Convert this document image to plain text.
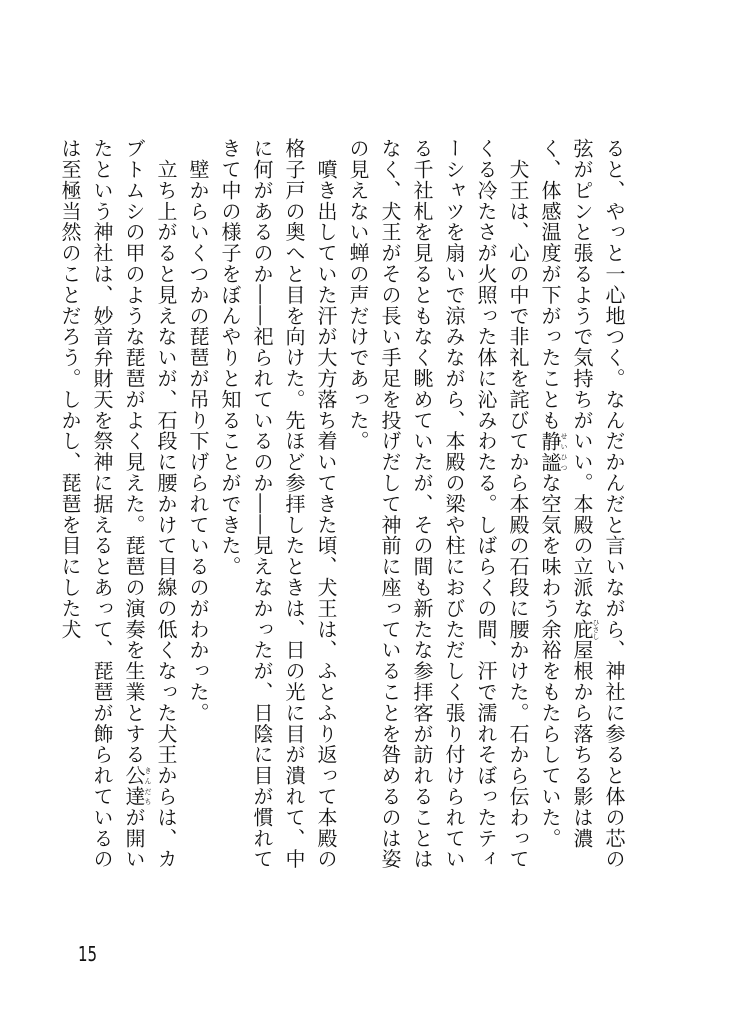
ると、やっと一心地つく。なんだかんだと言いながら、神社に参ると体の芯の弦がピンと張るようで気持ちがいい。本殿の立派な庇ひさし屋根から落ちる影は濃く、体感温度が下がったことも静謐せいひつな空気を味わう余裕をもたらしていた。

　犬王は、心の中で非礼を詫びてから本殿の石段に腰かけた。石から伝わってくる冷たさが火照った体に沁みわたる。しばらくの間、汗で濡れそぼったティーシャツを扇いで涼みながら、本殿の梁や柱におびただしく張り付けられている千社札を見るともなく眺めていたが、その間も新たな参拝客が訪れることはなく、犬王がその長い手足を投げだして神前に座っていることを咎めるのは姿の見えない蝉の声だけであった。

　噴き出していた汗が大方落ち着いてきた頃、犬王は、ふとふり返って本殿の格子戸の奥へと目を向けた。先ほど参拝したときは、日の光に目が潰れて、中に何があるのか――祀られているのか――見えなかったが、日陰に目が慣れてきて中の様子をぼんやりと知ることができた。

　壁からいくつかの琵琶が吊り下げられているのがわかった。

　立ち上がると見えないが、石段に腰かけて目線の低くなった犬王からは、カブトムシの甲のような琵琶がよく見えた。琵琶の演奏を生業とする公達きんだちが開いたという神社は、妙音弁財天を祭神に据えるとあって、琵琶が飾られているのは至極当然のことだろう。しかし、琵琶を目にした犬

15
